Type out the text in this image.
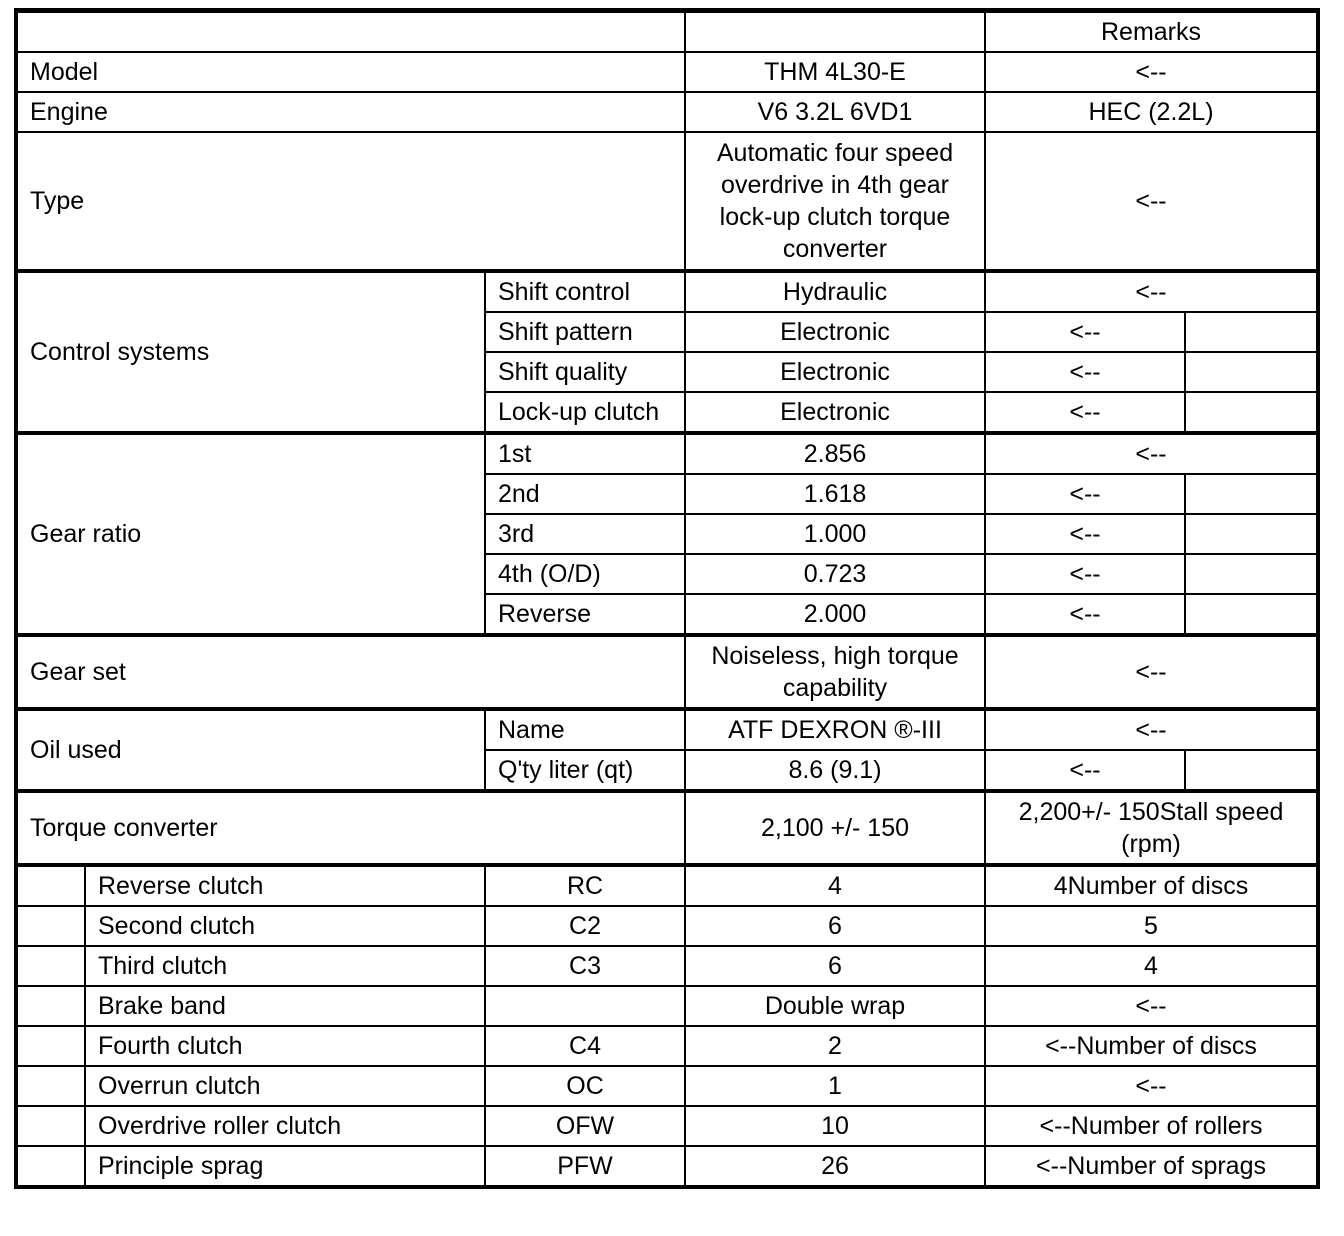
				Remarks	
Model			THM 4L30-E	<--	
Engine			V6 3.2L 6VD1	HEC (2.2L)	
Type			Automatic four speed overdrive in 4th gear lock-up clutch torque converter	<--	
Control systems		Shift control	Hydraulic	<--	
		Shift pattern	Electronic	<--	
		Shift quality	Electronic	<--	
		Lock-up clutch	Electronic	<--	
Gear ratio		1st	2.856	<--	
		2nd	1.618	<--	
		3rd	1.000	<--	
		4th (O/D)	0.723	<--	
		Reverse	2.000	<--	
Gear set			Noiseless, high torque capability	<--	
Oil used		Name	ATF DEXRON ®-III	<--	
		Q'ty liter (qt)	8.6 (9.1)	<--	
Torque converter			2,100 +/- 150	2,200+/- 150Stall speed (rpm)	
	Reverse clutch	RC	4	4Number of discs	
	Second clutch	C2	6	5	
	Third clutch	C3	6	4	
	Brake band		Double wrap	<--	
	Fourth clutch	C4	2	<--Number of discs	
	Overrun clutch	OC	1	<--	
	Overdrive roller clutch	OFW	10	<--Number of rollers	
	Principle sprag	PFW	26	<--Number of sprags	
